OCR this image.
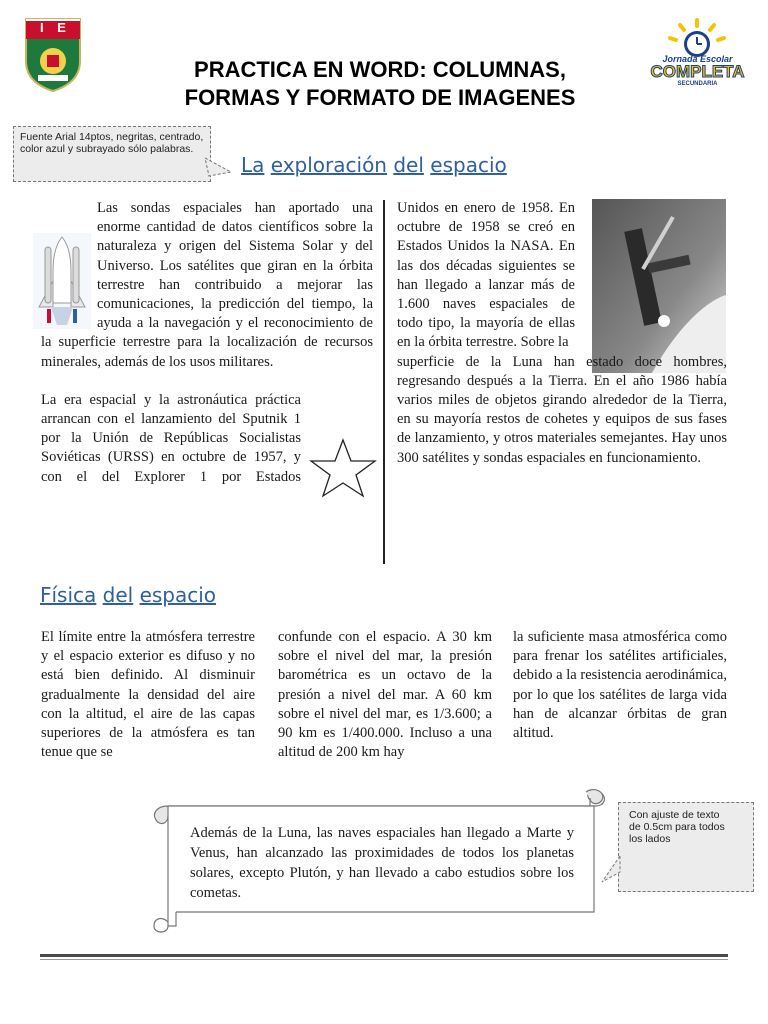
I E
PRACTICA EN WORD: COLUMNAS,
FORMAS Y FORMATO DE IMAGENES
Jornada Escolar
COMPLETA
SECUNDARIA
Fuente Arial 14ptos, negritas, centrado, color azul y subrayado sólo palabras.
La exploración del espacio

Las sondas espaciales han aportado una enorme cantidad de datos científicos sobre la naturaleza y origen del Sistema Solar y del Universo. Los satélites que giran en la órbita terrestre han contribuido a mejorar las comunicaciones, la predicción del tiempo, la ayuda a la navegación y el reconocimiento de la superficie terrestre para la localización de recursos minerales, además de los usos militares.

La era espacial y la astronáutica práctica arrancan con el lanzamiento del Sputnik 1 por la Unión de Repúblicas Socialistas Soviéticas (URSS) en octubre de 1957, y con el del Explorer 1 por Estados

Unidos en enero de 1958. En octubre de 1958 se creó en Estados Unidos la NASA. En las dos décadas siguientes se han llegado a lanzar más de 1.600 naves espaciales de todo tipo, la mayoría de ellas en la órbita terrestre. Sobre la
superficie de la Luna han estado doce hombres, regresando después a la Tierra. En el año 1986 había varios miles de objetos girando alrededor de la Tierra, en su mayoría restos de cohetes y equipos de sus fases de lanzamiento, y otros materiales semejantes. Hay unos 300 satélites y sondas espaciales en funcionamiento.
Física del espacio
El límite entre la atmósfera terrestre y el espacio exterior es difuso y no está bien definido. Al disminuir gradualmente la densidad del aire con la altitud, el aire de las capas superiores de la atmósfera es tan tenue que se
confunde con el espacio. A 30 km sobre el nivel del mar, la presión barométrica es un octavo de la presión a nivel del mar. A 60 km sobre el nivel del mar, es 1/3.600; a 90 km es 1/400.000. Incluso a una altitud de 200 km hay
la suficiente masa atmosférica como para frenar los satélites artificiales, debido a la resistencia aerodinámica, por lo que los satélites de larga vida han de alcanzar órbitas de gran altitud.
Además de la Luna, las naves espaciales han llegado a Marte y Venus, han alcanzado las proximidades de todos los planetas solares, excepto Plutón, y han llevado a cabo estudios sobre los cometas.
Con ajuste de texto de 0.5cm para todos los lados
